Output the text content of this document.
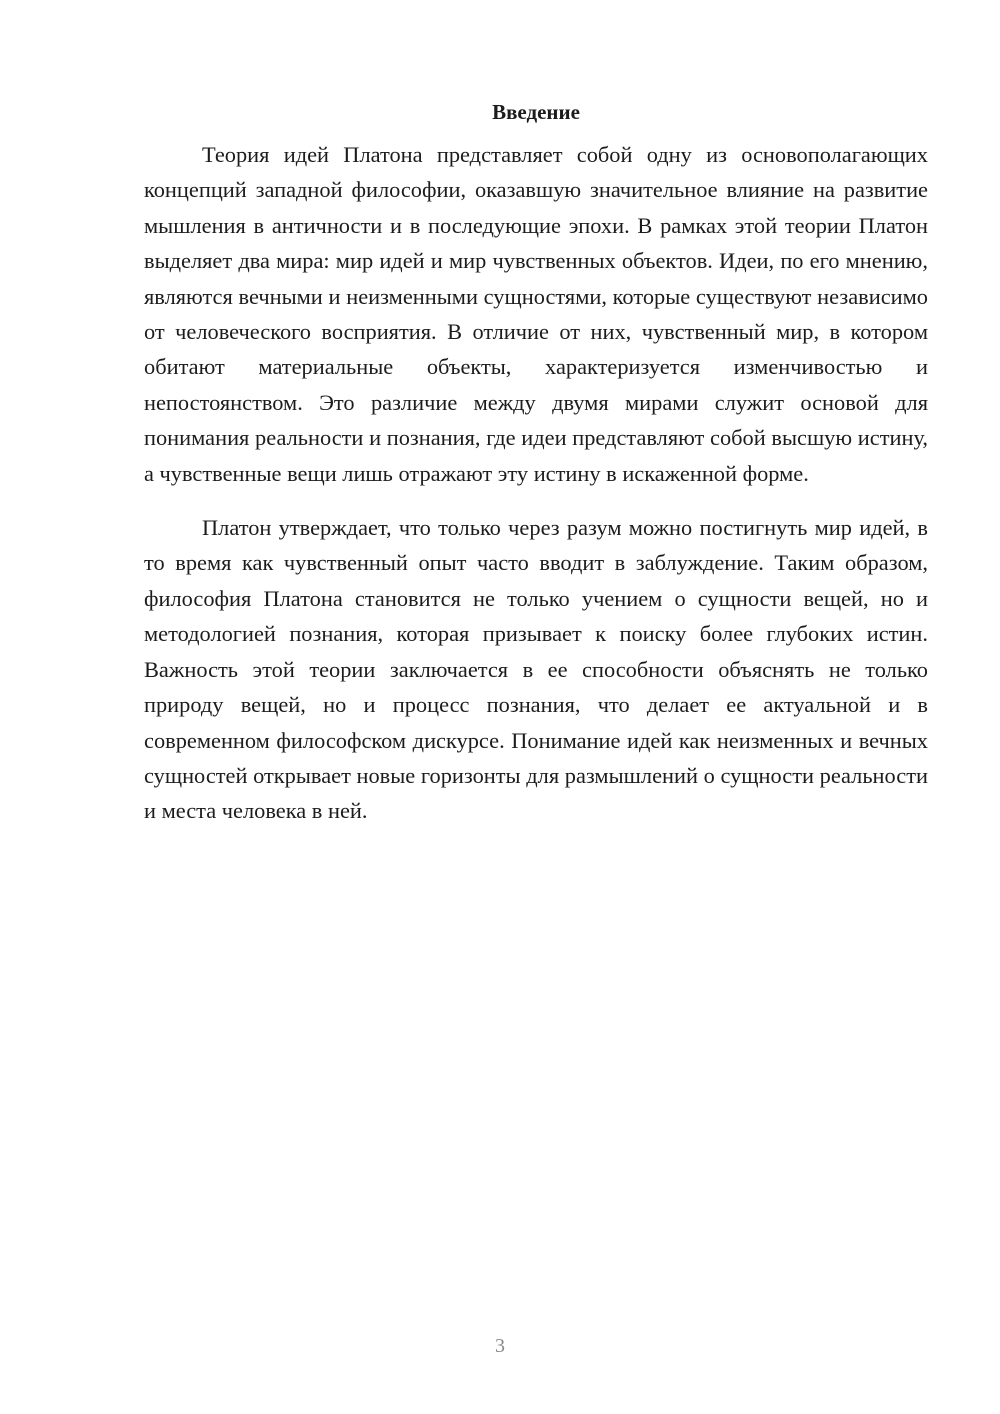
Введение

Теория идей Платона представляет собой одну из основополагающих концепций западной философии, оказавшую значительное влияние на развитие мышления в античности и в последующие эпохи. В рамках этой теории Платон выделяет два мира: мир идей и мир чувственных объектов. Идеи, по его мнению, являются вечными и неизменными сущностями, которые существуют независимо от человеческого восприятия. В отличие от них, чувственный мир, в котором обитают материальные объекты, характеризуется изменчивостью и непостоянством. Это различие между двумя мирами служит основой для понимания реальности и познания, где идеи представляют собой высшую истину, а чувственные вещи лишь отражают эту истину в искаженной форме.

Платон утверждает, что только через разум можно постигнуть мир идей, в то время как чувственный опыт часто вводит в заблуждение. Таким образом, философия Платона становится не только учением о сущности вещей, но и методологией познания, которая призывает к поиску более глубоких истин. Важность этой теории заключается в ее способности объяснять не только природу вещей, но и процесс познания, что делает ее актуальной и в современном философском дискурсе. Понимание идей как неизменных и вечных сущностей открывает новые горизонты для размышлений о сущности реальности и места человека в ней.

3
